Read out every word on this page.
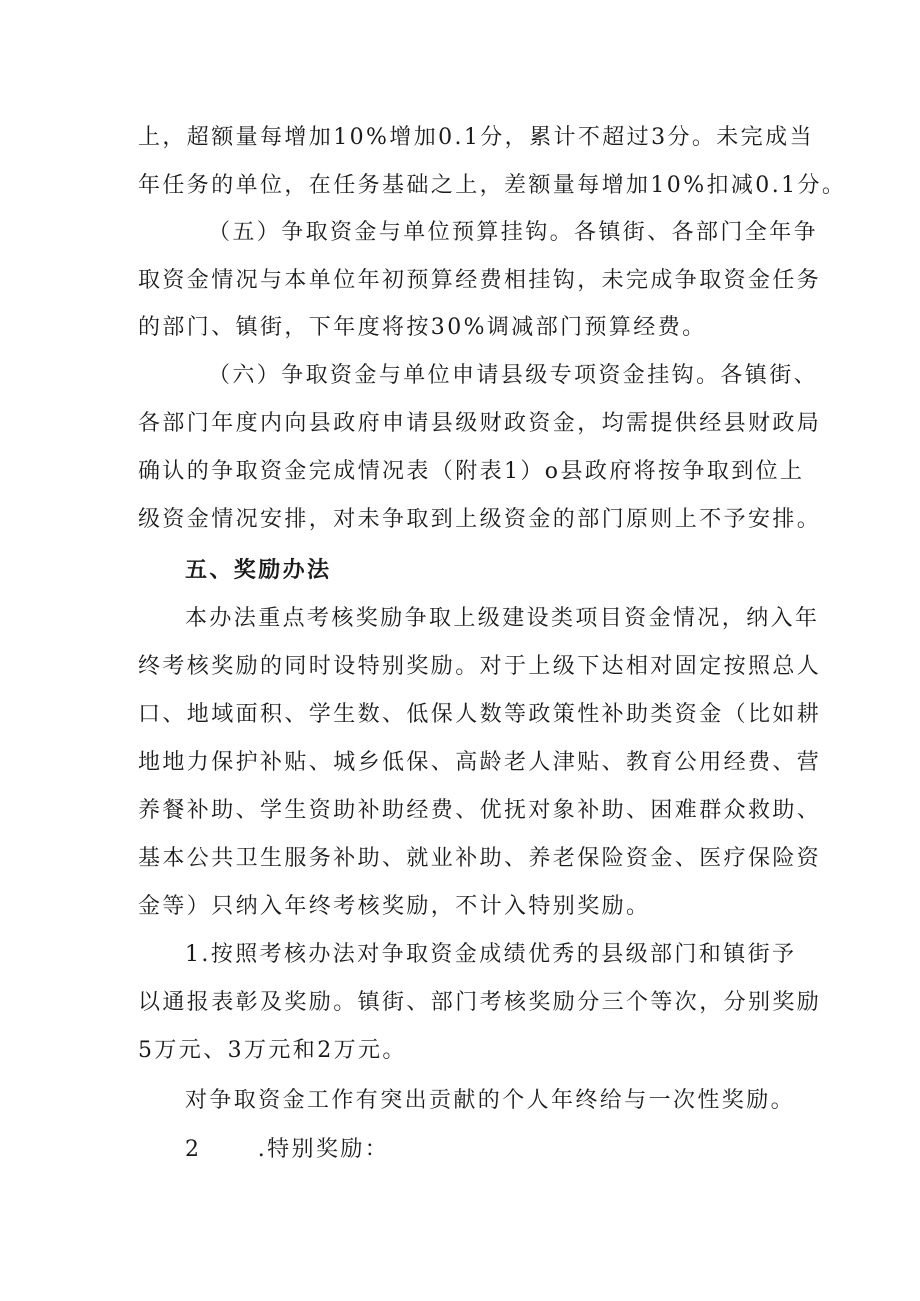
上，超额量每增加10%增加0.1分，累计不超过3分。未完成当
年任务的单位，在任务基础之上，差额量每增加10%扣减0.1分。
（五）争取资金与单位预算挂钩。各镇街、各部门全年争
取资金情况与本单位年初预算经费相挂钩，未完成争取资金任务
的部门、镇街，下年度将按30%调减部门预算经费。
（六）争取资金与单位申请县级专项资金挂钩。各镇街、
各部门年度内向县政府申请县级财政资金，均需提供经县财政局
确认的争取资金完成情况表（附表1）o县政府将按争取到位上
级资金情况安排，对未争取到上级资金的部门原则上不予安排。
五、奖励办法
本办法重点考核奖励争取上级建设类项目资金情况，纳入年
终考核奖励的同时设特别奖励。对于上级下达相对固定按照总人
口、地域面积、学生数、低保人数等政策性补助类资金（比如耕
地地力保护补贴、城乡低保、高龄老人津贴、教育公用经费、营
养餐补助、学生资助补助经费、优抚对象补助、困难群众救助、
基本公共卫生服务补助、就业补助、养老保险资金、医疗保险资
金等）只纳入年终考核奖励，不计入特别奖励。
1.按照考核办法对争取资金成绩优秀的县级部门和镇街予
以通报表彰及奖励。镇街、部门考核奖励分三个等次，分别奖励
5万元、3万元和2万元。
对争取资金工作有突出贡献的个人年终给与一次性奖励。
2      .特别奖励：
